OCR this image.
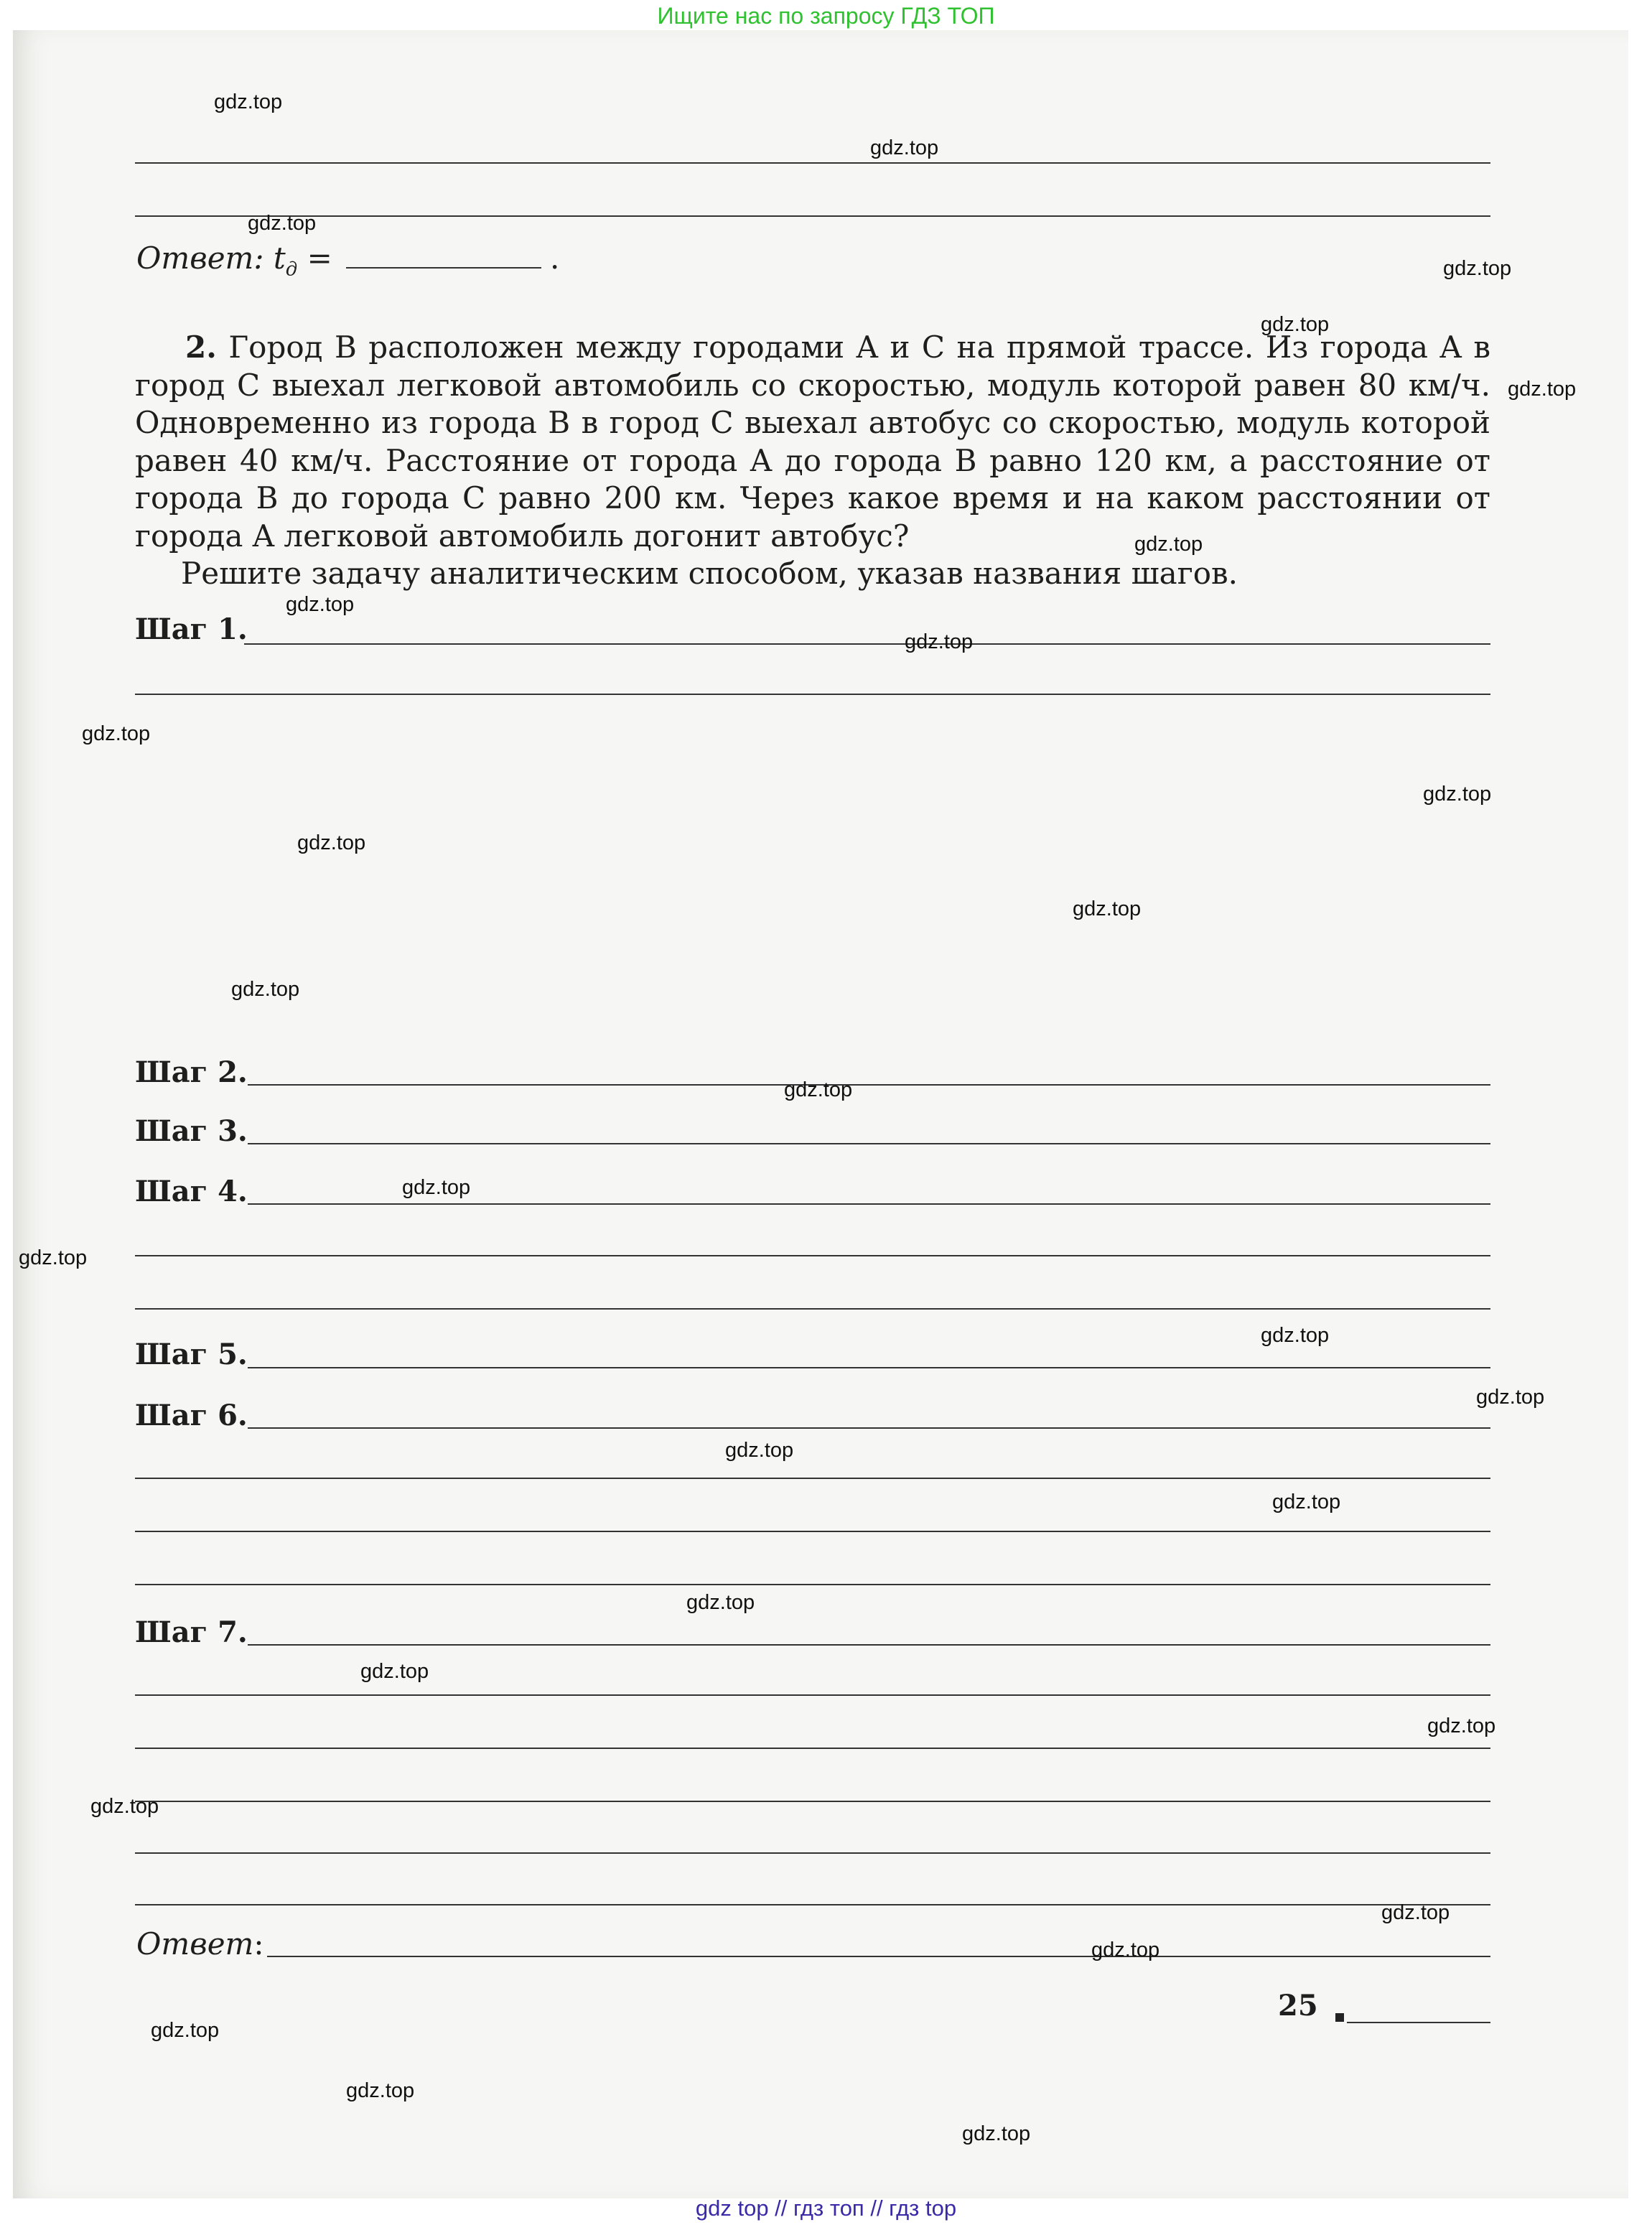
Ищите нас по запросу ГДЗ ТОП
Ответ: $t_д$ =	.

2. Город B расположен между городами A и C на прямой трассе. Из города A в город C выехал легковой автомобиль со скоростью, модуль которой равен 80 км/ч. Одновременно из города B в город C выехал автобус со скоростью, модуль которой равен 40 км/ч. Расстояние от города A до города B равно 120 км, а расстояние от города B до города C равно 200 км. Через какое время и на каком расстоянии от города A легковой автомобиль догонит автобус?

Решите задачу аналитическим способом, указав названия шагов.

Шаг 1.
Шаг 2.
Шаг 3.
Шаг 4.
Шаг 5.
Шаг 6.
Шаг 7.
Ответ:
25
gdz.top
gdz.top
gdz.top
gdz.top
gdz.top
gdz.top
gdz.top
gdz.top
gdz.top
gdz.top
gdz.top
gdz.top
gdz.top
gdz.top
gdz.top
gdz.top
gdz.top
gdz.top
gdz.top
gdz.top
gdz.top
gdz.top
gdz.top
gdz.top
gdz.top
gdz.top
gdz.top
gdz.top
gdz.top
gdz.top
gdz top // гдз топ // гдз top
